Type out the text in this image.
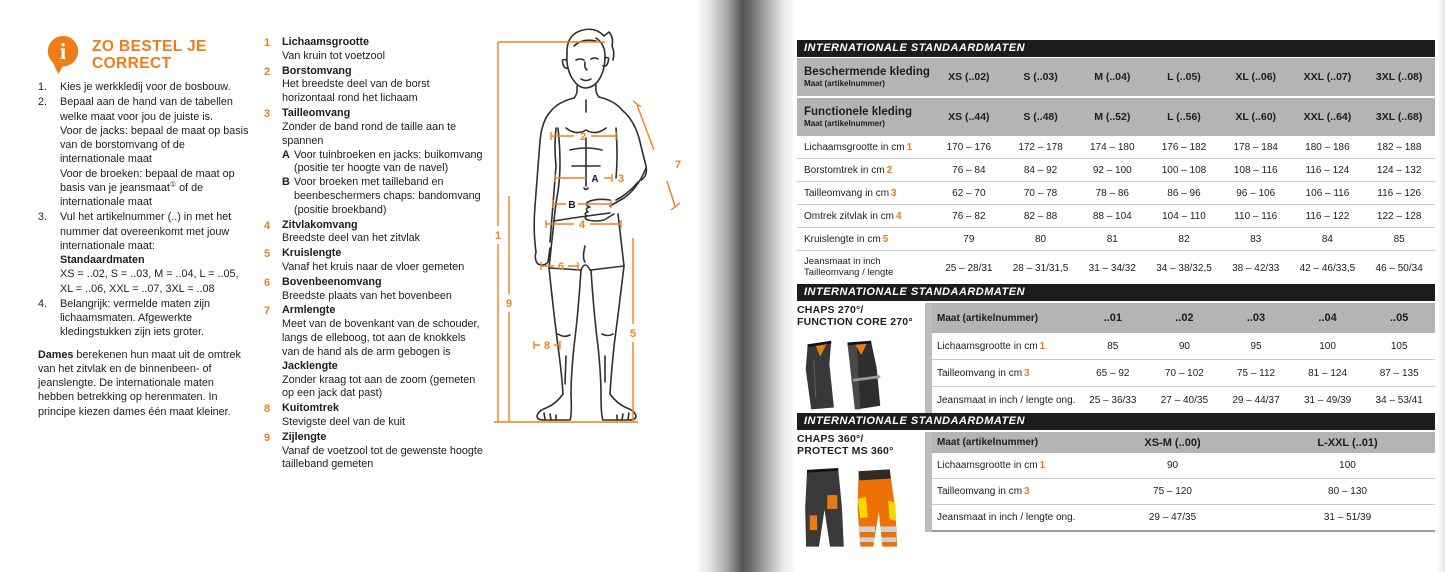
i ZO BESTEL JE
CORRECT
1.	Kies je werkkledij voor de bosbouw.
2.	Bepaal aan de hand van de tabellen welke maat voor jou de juiste is.
Voor de jacks: bepaal de maat op basis van de borstomvang of de internationale maat
Voor de broeken: bepaal de maat op basis van je jeansmaat① of de internationale maat
3.	Vul het artikelnummer (..) in met het nummer dat overeenkomt met jouw internationale maat:
Standaardmaten
XS = ..02, S = ..03, M = ..04, L = ..05, XL = ..06, XXL = ..07, 3XL = ..08
4.	Belangrijk: vermelde maten zijn lichaamsmaten. Afgewerkte kledingstukken zijn iets groter.

Dames berekenen hun maat uit de omtrek van het zitvlak en de binnenbeen- of jeanslengte. De internationale maten hebben betrekking op herenmaten. In principe kiezen dames één maat kleiner.

1	Lichaamsgrootte
Van kruin tot voetzool
2	Borstomvang
Het breedste deel van de borst horizontaal rond het lichaam
3	Tailleomvang
Zonder de band rond de taille aan te spannen
A Voor tuinbroeken en jacks: buikomvang (positie ter hoogte van de navel)
B Voor broeken met tailleband en beenbeschermers chaps: bandomvang (positie broekband)
4	Zitvlakomvang
Breedste deel van het zitvlak
5	Kruislengte
Vanaf het kruis naar de vloer gemeten
6	Bovenbeenomvang
Breedste plaats van het bovenbeen
7	Armlengte
Meet van de bovenkant van de schouder, langs de elleboog, tot aan de knokkels van de hand als de arm gebogen is
Jacklengte
Zonder kraag tot aan de zoom (gemeten op een jack dat past)
8	Kuitomtrek
Stevigste deel van de kuit
9	Zijlengte
Vanaf de voetzool tot de gewenste hoogte tailleband gemeten
1
2
3
4
5
6
7
8
9
A
B
INTERNATIONALE STANDAARDMATEN
Beschermende kleding
Maat (artikelnummer)
XS (..02)	S (..03)	M (..04)	L (..05)	XL (..06)	XXL (..07)	3XL (..08)
Functionele kleding
Maat (artikelnummer)
XS (..44)	S (..48)	M (..52)	L (..56)	XL (..60)	XXL (..64)	3XL (..68)
Lichaamsgrootte in cm 1	170 – 176	172 – 178	174 – 180	176 – 182	178 – 184	180 – 186	182 – 188
Borstomtrek in cm 2	76 – 84	84 – 92	92 – 100	100 – 108	108 – 116	116 – 124	124 – 132
Tailleomvang in cm 3	62 – 70	70 – 78	78 – 86	86 – 96	96 – 106	106 – 116	116 – 126
Omtrek zitvlak in cm 4	76 – 82	82 – 88	88 – 104	104 – 110	110 – 116	116 – 122	122 – 128
Kruislengte in cm 5	79	80	81	82	83	84	85
Jeansmaat in inch
Tailleomvang / lengte	25 – 28/31	28 – 31/31,5	31 – 34/32	34 – 38/32,5	38 – 42/33	42 – 46/33,5	46 – 50/34
INTERNATIONALE STANDAARDMATEN
CHAPS 270°/
FUNCTION CORE 270°	Maat (artikelnummer)	..01	..02	..03	..04	..05
Lichaamsgrootte in cm 1	85	90	95	100	105
Tailleomvang in cm 3	65 – 92	70 – 102	75 – 112	81 – 124	87 – 135
Jeansmaat in inch / lengte ong.	25 – 36/33	27 – 40/35	29 – 44/37	31 – 49/39	34 – 53/41
INTERNATIONALE STANDAARDMATEN
CHAPS 360°/
PROTECT MS 360°
Maat (artikelnummer)	XS-M (..00)	L-XXL (..01)
Lichaamsgrootte in cm 1	90	100
Tailleomvang in cm 3	75 – 120	80 – 130
Jeansmaat in inch / lengte ong.	29 – 47/35	31 – 51/39
